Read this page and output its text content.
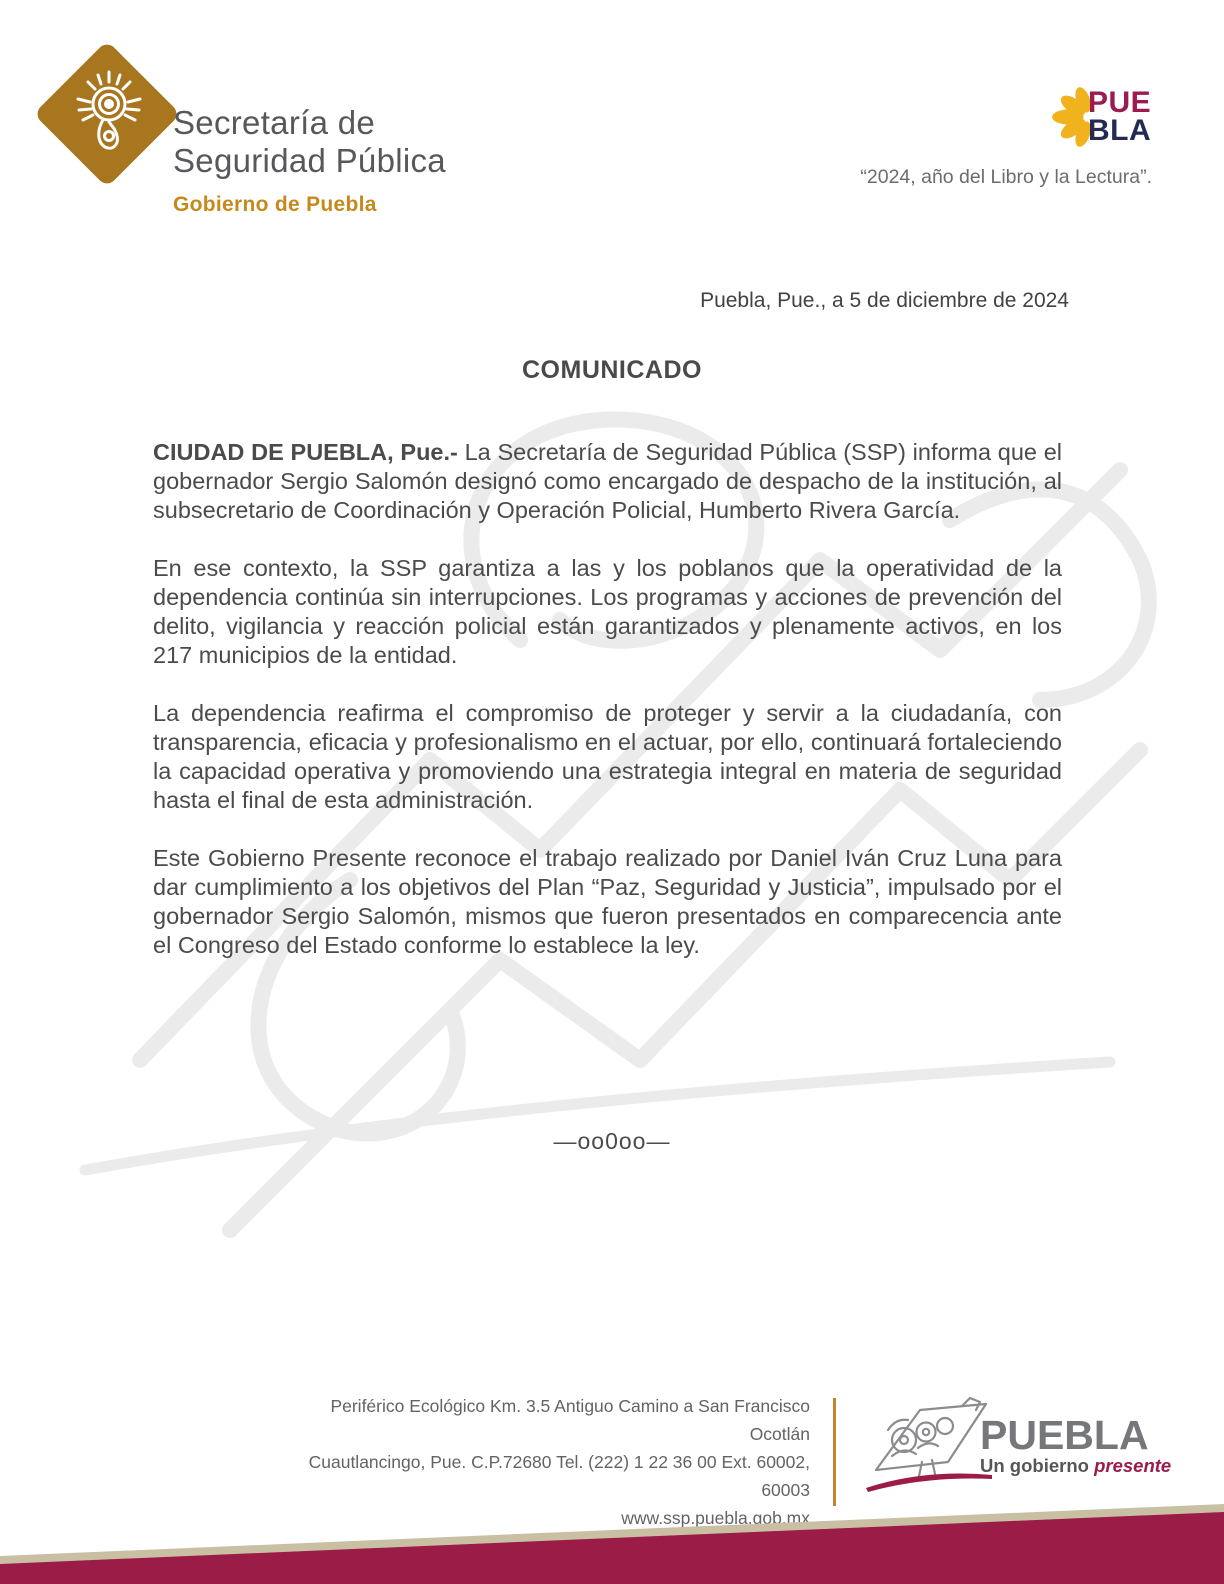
Secretaría de
Seguridad Pública
Gobierno de Puebla
PUE
BLA
“2024, año del Libro y la Lectura”.
Puebla, Pue., a 5 de diciembre de 2024
COMUNICADO

CIUDAD DE PUEBLA, Pue.- La Secretaría de Seguridad Pública (SSP) informa que el gobernador Sergio Salomón designó como encargado de despacho de la institución, al subsecretario de Coordinación y Operación Policial, Humberto Rivera García.

En ese contexto, la SSP garantiza a las y los poblanos que la operatividad de la dependencia continúa sin interrupciones. Los programas y acciones de prevención del delito, vigilancia y reacción policial están garantizados y plenamente activos, en los 217 municipios de la entidad.

La dependencia reafirma el compromiso de proteger y servir a la ciudadanía, con transparencia, eficacia y profesionalismo en el actuar, por ello, continuará fortaleciendo la capacidad operativa y promoviendo una estrategia integral en materia de seguridad hasta el final de esta administración.

Este Gobierno Presente reconoce el trabajo realizado por Daniel Iván Cruz Luna para dar cumplimiento a los objetivos del Plan “Paz, Seguridad y Justicia”, impulsado por el gobernador Sergio Salomón, mismos que fueron presentados en comparecencia ante el Congreso del Estado conforme lo establece la ley.

—oo0oo—
Periférico Ecológico Km. 3.5 Antiguo Camino a San Francisco Ocotlán
Cuautlancingo, Pue. C.P.72680 Tel. (222) 1 22 36 00 Ext. 60002, 60003
www.ssp.puebla.gob.mx
PUEBLA
Un gobierno presente
